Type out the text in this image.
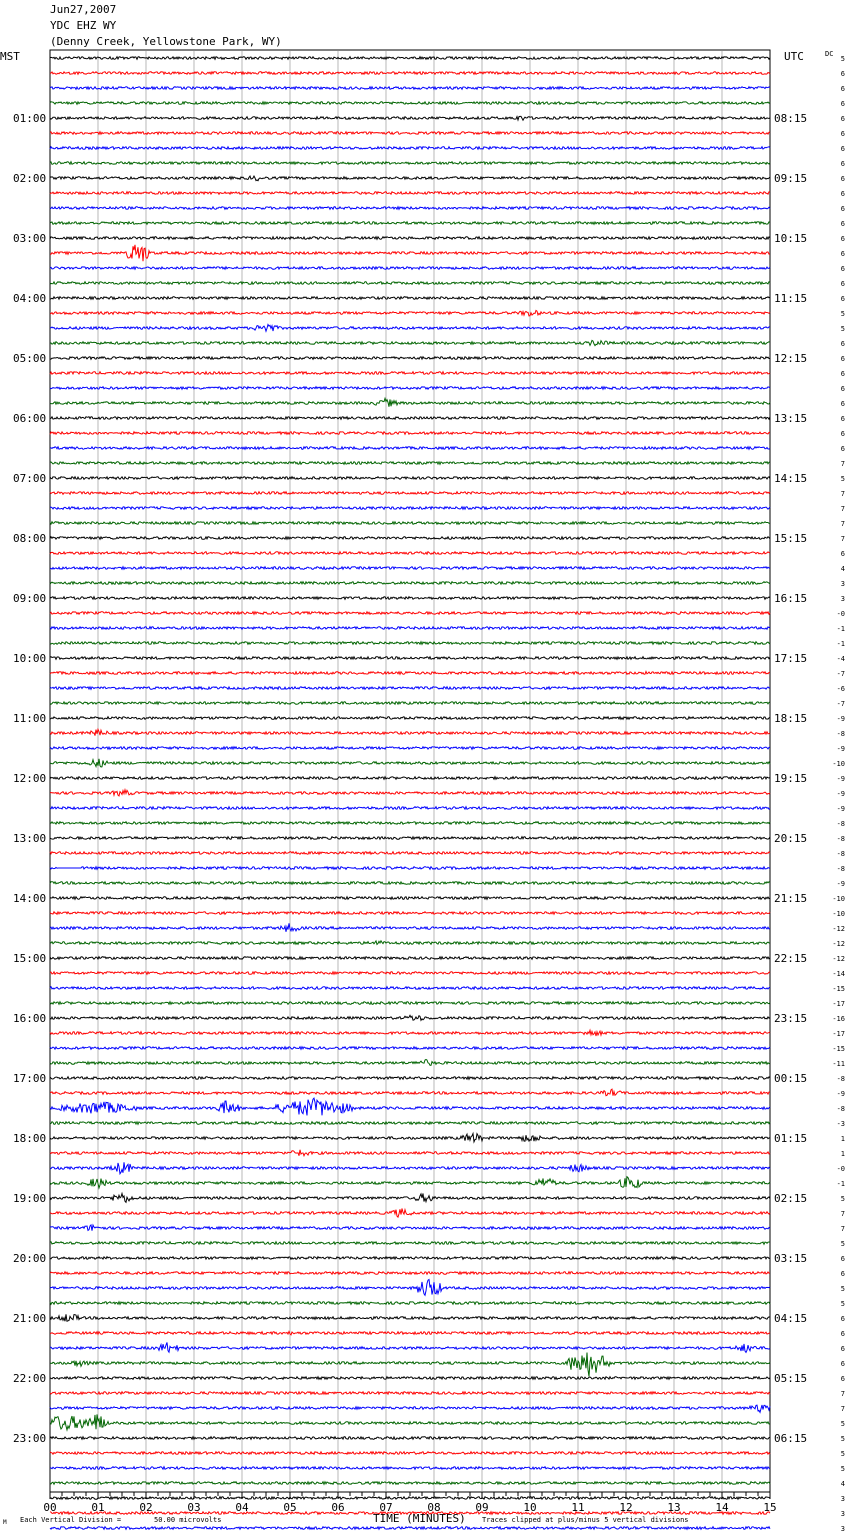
Jun27,2007
YDC EHZ WY
(Denny Creek, Yellowstone Park, WY)
01:00
02:00
03:00
04:00
05:00
06:00
07:00
08:00
09:00
10:00
11:00
12:00
13:00
14:00
15:00
16:00
17:00
18:00
19:00
20:00
21:00
22:00
23:00
08:15
09:15
10:15
11:15
12:15
13:15
14:15
15:15
16:15
17:15
18:15
19:15
20:15
21:15
22:15
23:15
00:15
01:15
02:15
03:15
04:15
05:15
06:15
5
6
6
6
6
6
6
6
6
6
6
6
6
6
6
6
6
5
5
6
6
6
6
6
6
6
6
7
5
7
7
7
7
6
4
3
3
-0
-1
-1
-4
-7
-6
-7
-9
-8
-9
-10
-9
-9
-9
-8
-8
-8
-8
-9
-10
-10
-12
-12
-12
-14
-15
-17
-16
-17
-15
-11
-8
-9
-8
-3
1
1
-0
-1
5
7
7
5
6
6
5
5
6
6
6
6
6
7
7
5
5
5
5
4
3
3
3
00	01	02	03	04	05	06	07	08	09	10	11	12	13	14	15
MST	UTC	DC
TIME (MINUTES)
M Each Vertical Division =	50.00 microvolts	Traces clipped at plus/minus 5 vertical divisions
